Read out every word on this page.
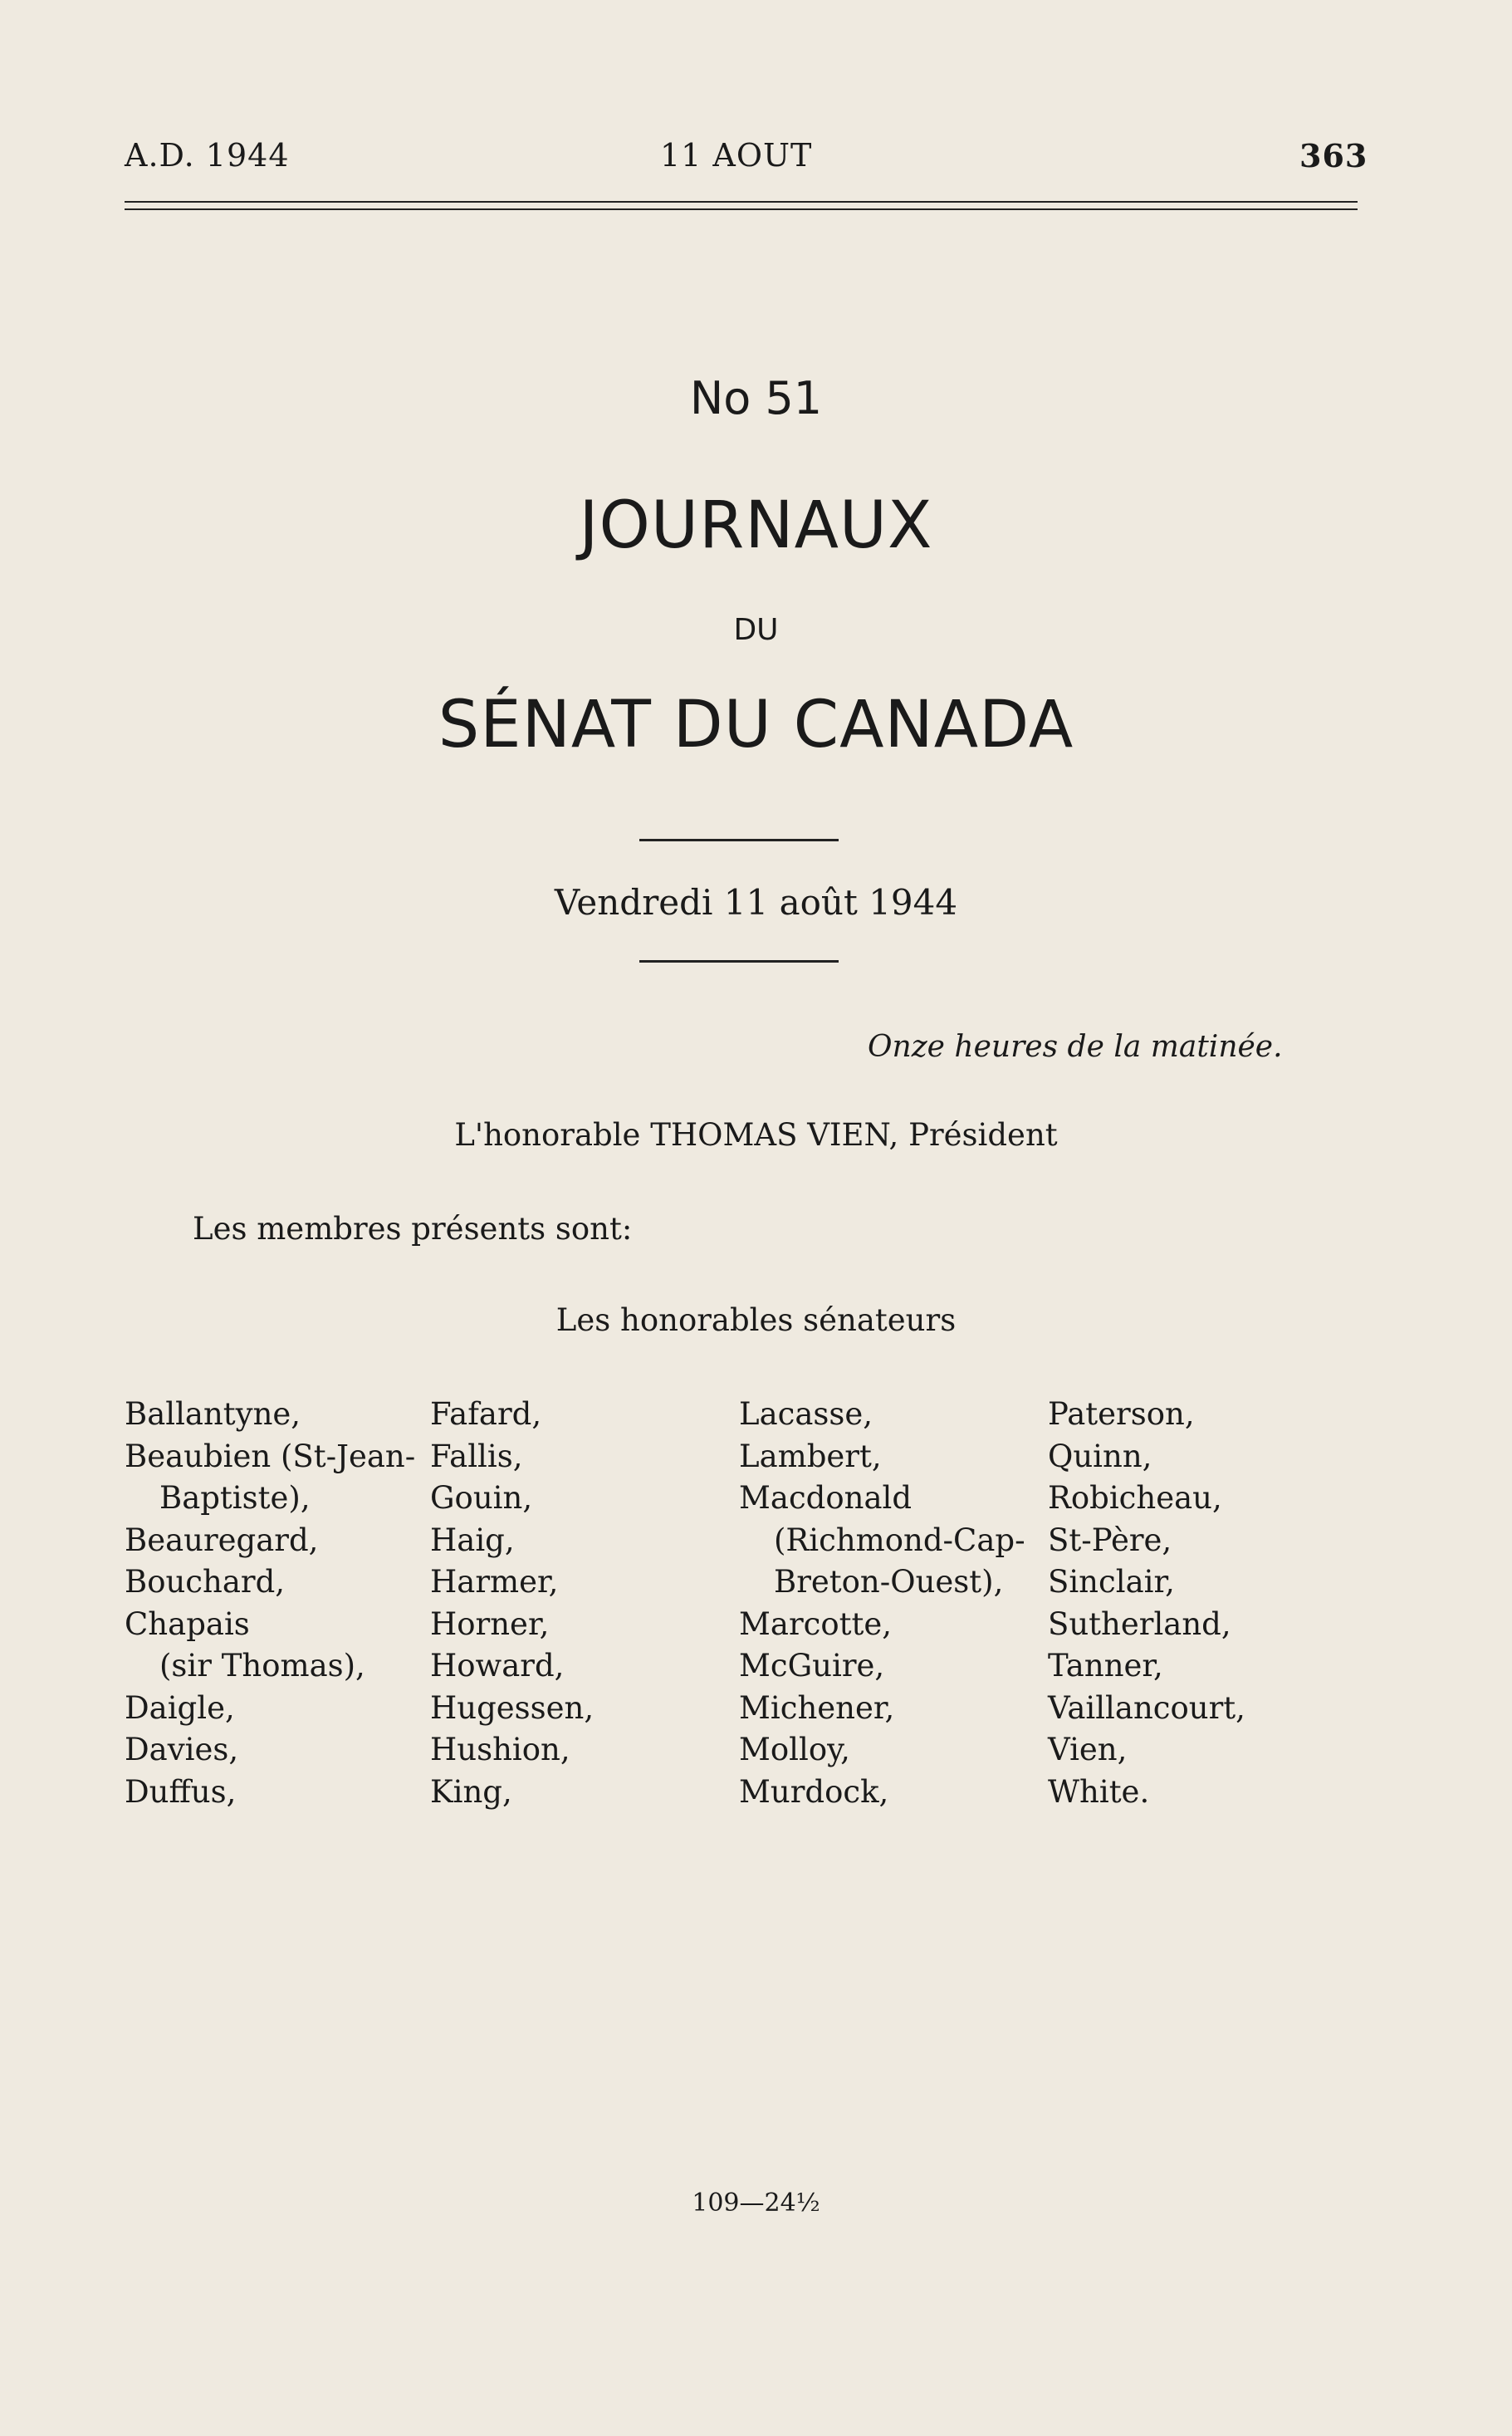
A.D. 1944	11 AOUT	363
No 51
JOURNAUX
DU
SÉNAT DU CANADA
Vendredi 11 août 1944
Onze heures de la matinée.
L'honorable THOMAS VIEN, Président
Les membres présents sont:
Les honorables sénateurs
Ballantyne,
Beaubien (St-Jean-
Baptiste),
Beauregard,
Bouchard,
Chapais
(sir Thomas),
Daigle,
Davies,
Duffus,
Fafard,
Fallis,
Gouin,
Haig,
Harmer,
Horner,
Howard,
Hugessen,
Hushion,
King,
Lacasse,
Lambert,
Macdonald
(Richmond-Cap-
Breton-Ouest),
Marcotte,
McGuire,
Michener,
Molloy,
Murdock,
Paterson,
Quinn,
Robicheau,
St-Père,
Sinclair,
Sutherland,
Tanner,
Vaillancourt,
Vien,
White.
109—24½
